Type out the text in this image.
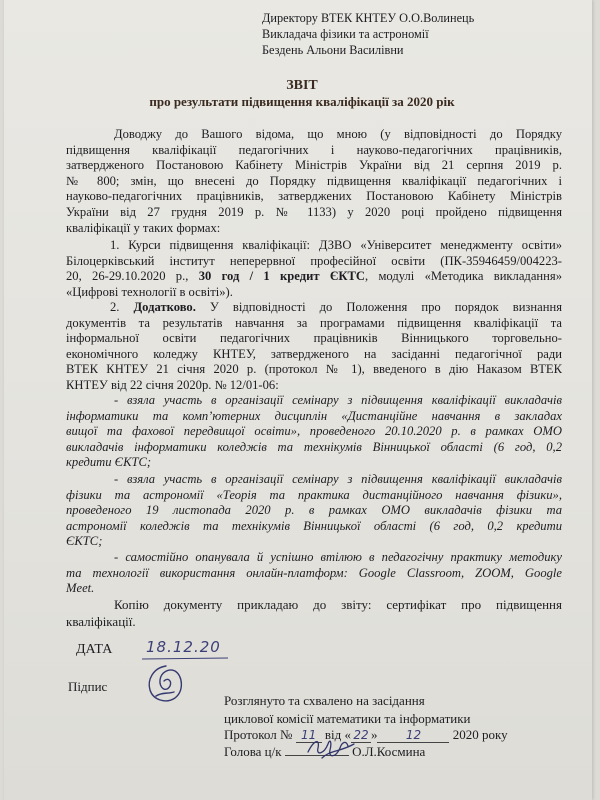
Директору ВТЕК КНТЕУ О.О.Волинець
Викладача фізики та астрономії
Бездень Альони Василівни
ЗВІТ
про результати підвищення кваліфікації за 2020 рік
Доводжу до Вашого відома, що мною (у відповідності до Порядку
підвищення кваліфікації педагогічних і науково-педагогічних працівників,
затвердженого Постановою Кабінету Міністрів України від 21 серпня 2019 р.
№ 800; змін, що внесені до Порядку підвищення кваліфікації педагогічних і
науково-педагогічних працівників, затверджених Постановою Кабінету Міністрів
України від 27 грудня 2019 р. № 1133) у 2020 році пройдено підвищення
кваліфікації у таких формах:
1. Курси підвищення кваліфікації: ДЗВО «Університет менеджменту освіти»
Білоцерківський інститут неперервної професійної освіти (ПК-35946459/004223-
20, 26-29.10.2020 р., 30 год / 1 кредит ЄКТС, модулі «Методика викладання»
«Цифрові технології в освіті»).
2. Додатково. У відповідності до Положення про порядок визнання
документів та результатів навчання за програмами підвищення кваліфікації та
інформальної освіти педагогічних працівників Вінницького торговельно-
економічного коледжу КНТЕУ, затвердженого на засіданні педагогічної ради
ВТЕК КНТЕУ 21 січня 2020 р. (протокол № 1), введеного в дію Наказом ВТЕК
КНТЕУ від 22 січня 2020р. № 12/01-06:
- взяла участь в організації семінару з підвищення кваліфікації викладачів
інформатики та комп’ютерних дисциплін «Дистанційне навчання в закладах
вищої та фахової передвищої освіти», проведеного 20.10.2020 р. в рамках ОМО
викладачів інформатики коледжів та технікумів Вінницької області (6 год, 0,2
кредити ЄКТС;
- взяла участь в організації семінару з підвищення кваліфікації викладачів
фізики та астрономії «Теорія та практика дистанційного навчання фізики»,
проведеного 19 листопада 2020 р. в рамках ОМО викладачів фізики та
астрономії коледжів та технікумів Вінницької області (6 год, 0,2 кредити
ЄКТС;
- самостійно опанувала й успішно втілюю в педагогічну практику методику
та технології використання онлайн-платформ: Google Classroom, ZOOM, Google
Meet.
Копію документу прикладаю до звіту: сертифікат про підвищення
кваліфікації.
ДАТА 18.12.20
Підпис
Розглянуто та схвалено на засідання
циклової комісії математики та інформатики
Протокол № 11 від « 22 » 12 2020 року
Голова ц/к	О.Л.Космина
